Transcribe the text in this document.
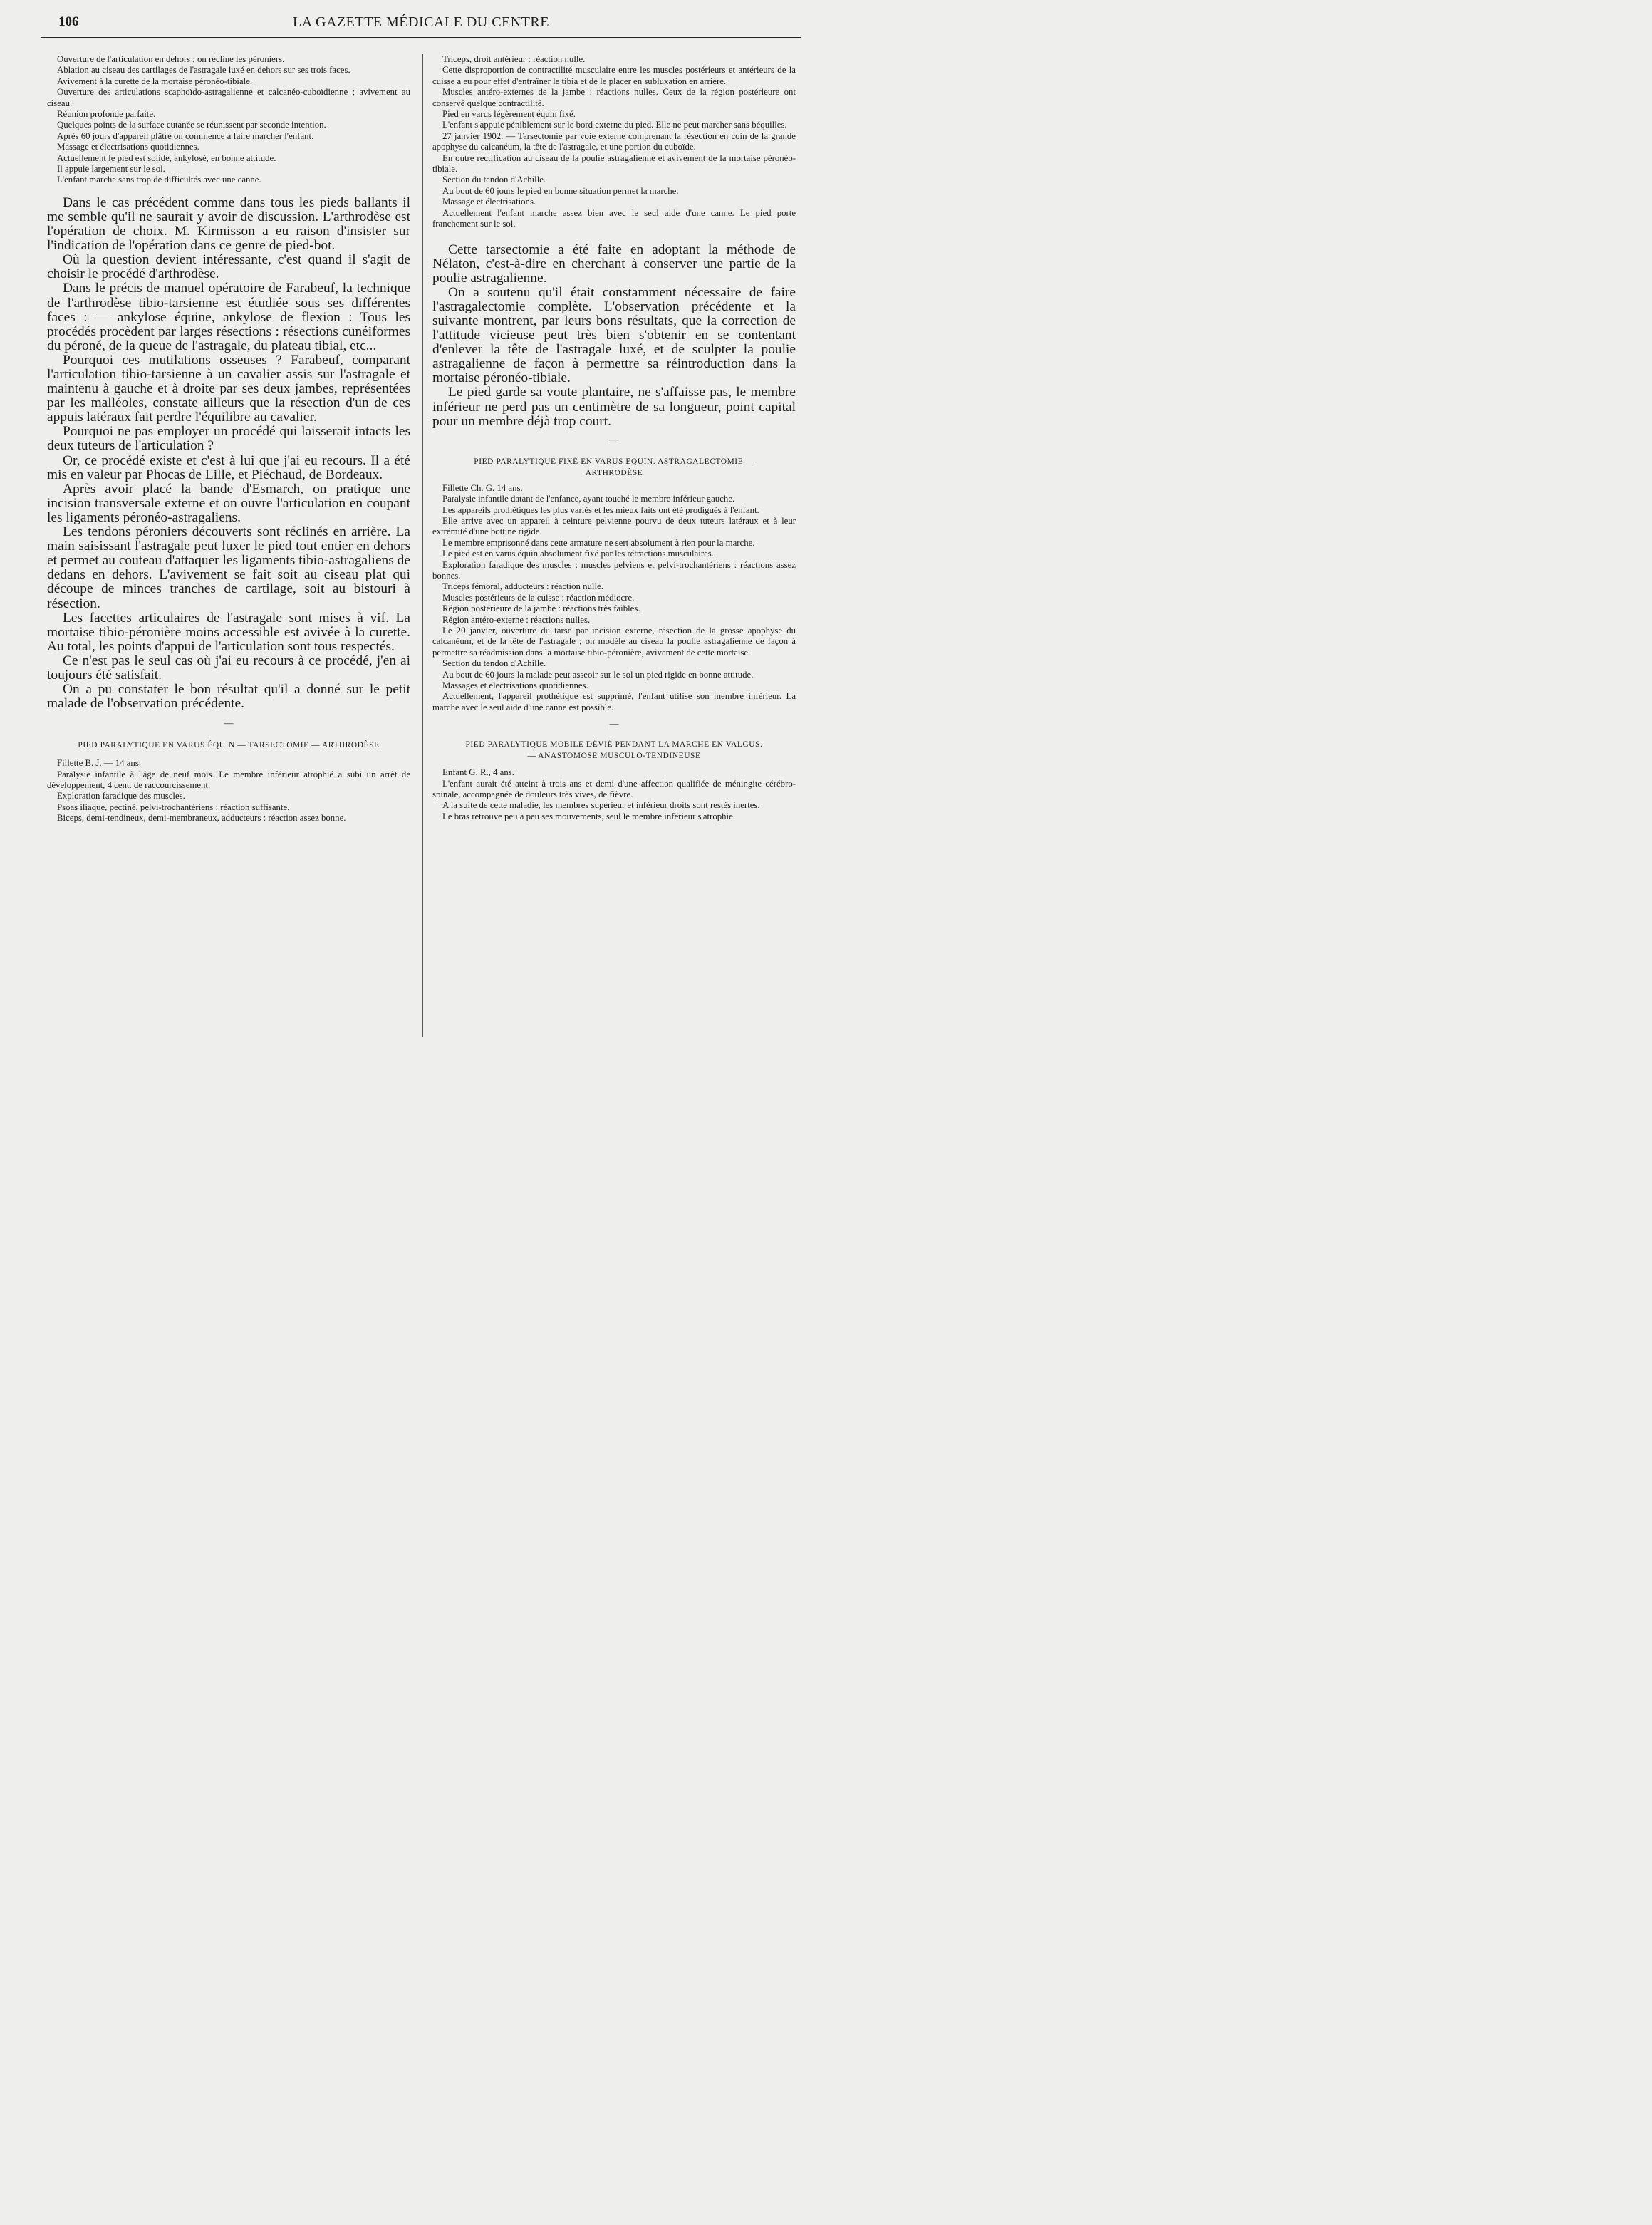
106	LA GAZETTE MÉDICALE DU CENTRE

Ouverture de l'articulation en dehors ; on récline les péroniers.

Ablation au ciseau des cartilages de l'astragale luxé en dehors sur ses trois faces.

Avivement à la curette de la mortaise péronéo-tibiale.

Ouverture des articulations scaphoïdo-astragalienne et calcanéo-cuboïdienne ; avivement au ciseau.

Réunion profonde parfaite.

Quelques points de la surface cutanée se réunissent par seconde intention.

Après 60 jours d'appareil plâtré on commence à faire marcher l'enfant.

Massage et électrisations quotidiennes.

Actuellement le pied est solide, ankylosé, en bonne attitude.

Il appuie largement sur le sol.

L'enfant marche sans trop de difficultés avec une canne.

Dans le cas précédent comme dans tous les pieds ballants il me semble qu'il ne saurait y avoir de discussion. L'arthrodèse est l'opération de choix. M. Kirmisson a eu raison d'insister sur l'indication de l'opération dans ce genre de pied-bot.

Où la question devient intéressante, c'est quand il s'agit de choisir le procédé d'arthrodèse.

Dans le précis de manuel opératoire de Farabeuf, la technique de l'arthrodèse tibio-tarsienne est étudiée sous ses différentes faces : — ankylose équine, ankylose de flexion : Tous les procédés procèdent par larges résections : résections cunéiformes du péroné, de la queue de l'astragale, du plateau tibial, etc...

Pourquoi ces mutilations osseuses ? Farabeuf, comparant l'articulation tibio-tarsienne à un cavalier assis sur l'astragale et maintenu à gauche et à droite par ses deux jambes, représentées par les malléoles, constate ailleurs que la résection d'un de ces appuis latéraux fait perdre l'équilibre au cavalier.

Pourquoi ne pas employer un procédé qui laisserait intacts les deux tuteurs de l'articulation ?

Or, ce procédé existe et c'est à lui que j'ai eu recours. Il a été mis en valeur par Phocas de Lille, et Piéchaud, de Bordeaux.

Après avoir placé la bande d'Esmarch, on pratique une incision transversale externe et on ouvre l'articulation en coupant les ligaments péronéo-astragaliens.

Les tendons péroniers découverts sont réclinés en arrière. La main saisissant l'astragale peut luxer le pied tout entier en dehors et permet au couteau d'attaquer les ligaments tibio-astragaliens de dedans en dehors. L'avivement se fait soit au ciseau plat qui découpe de minces tranches de cartilage, soit au bistouri à résection.

Les facettes articulaires de l'astragale sont mises à vif. La mortaise tibio-péronière moins accessible est avivée à la curette. Au total, les points d'appui de l'articulation sont tous respectés.

Ce n'est pas le seul cas où j'ai eu recours à ce procédé, j'en ai toujours été satisfait.

On a pu constater le bon résultat qu'il a donné sur le petit malade de l'observation précédente.

—

PIED PARALYTIQUE EN VARUS ÉQUIN — TARSECTOMIE — ARTHRODÈSE

Fillette B. J. — 14 ans.

Paralysie infantile à l'âge de neuf mois. Le membre inférieur atrophié a subi un arrêt de développement, 4 cent. de raccourcissement.

Exploration faradique des muscles.

Psoas iliaque, pectiné, pelvi-trochantériens : réaction suffisante.

Biceps, demi-tendineux, demi-membraneux, adducteurs : réaction assez bonne.

Triceps, droit antérieur : réaction nulle.

Cette disproportion de contractilité musculaire entre les muscles postérieurs et antérieurs de la cuisse a eu pour effet d'entraîner le tibia et de le placer en subluxation en arrière.

Muscles antéro-externes de la jambe : réactions nulles. Ceux de la région postérieure ont conservé quelque contractilité.

Pied en varus légèrement équin fixé.

L'enfant s'appuie péniblement sur le bord externe du pied. Elle ne peut marcher sans béquilles.

27 janvier 1902. — Tarsectomie par voie externe comprenant la résection en coin de la grande apophyse du calcanéum, la tête de l'astragale, et une portion du cuboïde.

En outre rectification au ciseau de la poulie astragalienne et avivement de la mortaise péronéo-tibiale.

Section du tendon d'Achille.

Au bout de 60 jours le pied en bonne situation permet la marche.

Massage et électrisations.

Actuellement l'enfant marche assez bien avec le seul aide d'une canne. Le pied porte franchement sur le sol.

Cette tarsectomie a été faite en adoptant la méthode de Nélaton, c'est-à-dire en cherchant à conserver une partie de la poulie astragalienne.

On a soutenu qu'il était constamment nécessaire de faire l'astragalectomie complète. L'observation précédente et la suivante montrent, par leurs bons résultats, que la correction de l'attitude vicieuse peut très bien s'obtenir en se contentant d'enlever la tête de l'astragale luxé, et de sculpter la poulie astragalienne de façon à permettre sa réintroduction dans la mortaise péronéo-tibiale.

Le pied garde sa voute plantaire, ne s'affaisse pas, le membre inférieur ne perd pas un centimètre de sa longueur, point capital pour un membre déjà trop court.

—

PIED PARALYTIQUE FIXÉ EN VARUS EQUIN. ASTRAGALECTOMIE —

ARTHRODÈSE

Fillette Ch. G. 14 ans.

Paralysie infantile datant de l'enfance, ayant touché le membre inférieur gauche.

Les appareils prothétiques les plus variés et les mieux faits ont été prodigués à l'enfant.

Elle arrive avec un appareil à ceinture pelvienne pourvu de deux tuteurs latéraux et à leur extrémité d'une bottine rigide.

Le membre emprisonné dans cette armature ne sert absolument à rien pour la marche.

Le pied est en varus équin absolument fixé par les rétractions musculaires.

Exploration faradique des muscles : muscles pelviens et pelvi-trochantériens : réactions assez bonnes.

Triceps fémoral, adducteurs : réaction nulle.

Muscles postérieurs de la cuisse : réaction médiocre.

Région postérieure de la jambe : réactions très faibles.

Région antéro-externe : réactions nulles.

Le 20 janvier, ouverture du tarse par incision externe, résection de la grosse apophyse du calcanéum, et de la tête de l'astragale ; on modèle au ciseau la poulie astragalienne de façon à permettre sa réadmission dans la mortaise tibio-péronière, avivement de cette mortaise.

Section du tendon d'Achille.

Au bout de 60 jours la malade peut asseoir sur le sol un pied rigide en bonne attitude.

Massages et électrisations quotidiennes.

Actuellement, l'appareil prothétique est supprimé, l'enfant utilise son membre inférieur. La marche avec le seul aide d'une canne est possible.

—

PIED PARALYTIQUE MOBILE DÉVIÉ PENDANT LA MARCHE EN VALGUS.

— ANASTOMOSE MUSCULO-TENDINEUSE

Enfant G. R., 4 ans.

L'enfant aurait été atteint à trois ans et demi d'une affection qualifiée de méningite cérébro-spinale, accompagnée de douleurs très vives, de fièvre.

A la suite de cette maladie, les membres supérieur et inférieur droits sont restés inertes.

Le bras retrouve peu à peu ses mouvements, seul le membre inférieur s'atrophie.
